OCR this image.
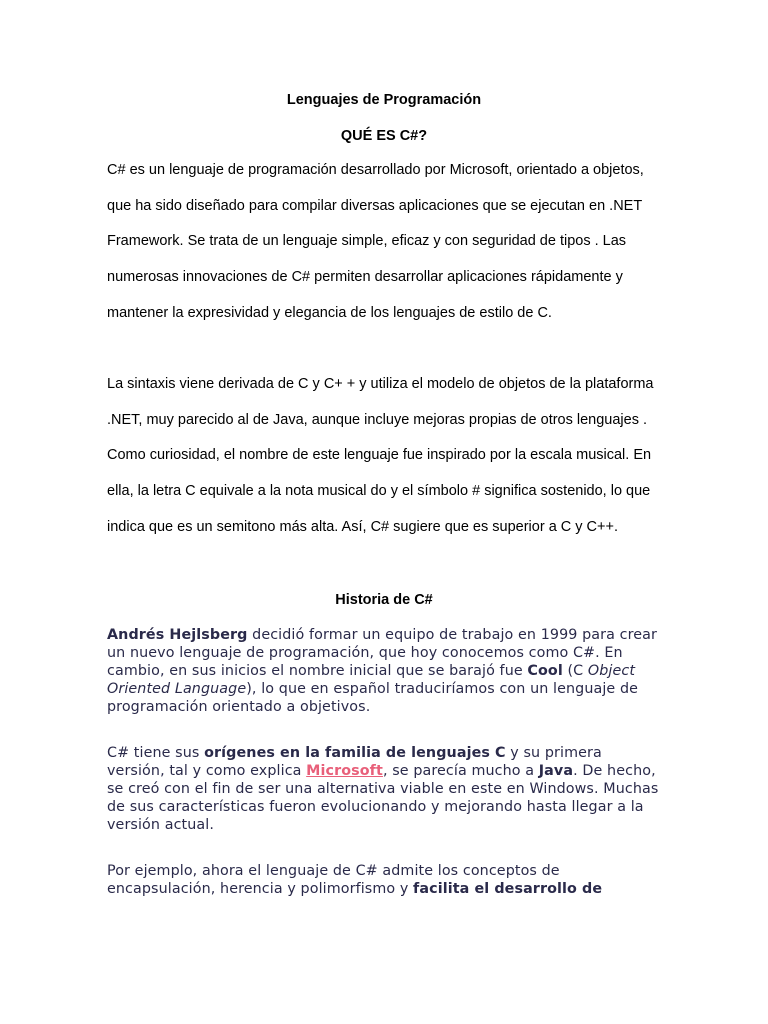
Lenguajes de Programación
QUÉ ES C#?

C# es un lenguaje de programación desarrollado por Microsoft, orientado a objetos, que ha sido diseñado para compilar diversas aplicaciones que se ejecutan en .NET Framework. Se trata de un lenguaje simple, eficaz y con seguridad de tipos . Las numerosas innovaciones de C# permiten desarrollar aplicaciones rápidamente y mantener la expresividad y elegancia de los lenguajes de estilo de C.

La sintaxis viene derivada de C y C+ + y utiliza el modelo de objetos de la plataforma .NET, muy parecido al de Java, aunque incluye mejoras propias de otros lenguajes . Como curiosidad, el nombre de este lenguaje fue inspirado por la escala musical. En ella, la letra C equivale a la nota musical do y el símbolo # significa sostenido, lo que indica que es un semitono más alta. Así, C# sugiere que es superior a C y C++.

Historia de C#

Andrés Hejlsberg decidió formar un equipo de trabajo en 1999 para crear un nuevo lenguaje de programación, que hoy conocemos como C#. En cambio, en sus inicios el nombre inicial que se barajó fue Cool (C Object Oriented Language), lo que en español traduciríamos con un lenguaje de programación orientado a objetivos.

C# tiene sus orígenes en la familia de lenguajes C y su primera versión, tal y como explica Microsoft, se parecía mucho a Java. De hecho, se creó con el fin de ser una alternativa viable en este en Windows. Muchas de sus características fueron evolucionando y mejorando hasta llegar a la versión actual.

Por ejemplo, ahora el lenguaje de C# admite los conceptos de encapsulación, herencia y polimorfismo y facilita el desarrollo de
